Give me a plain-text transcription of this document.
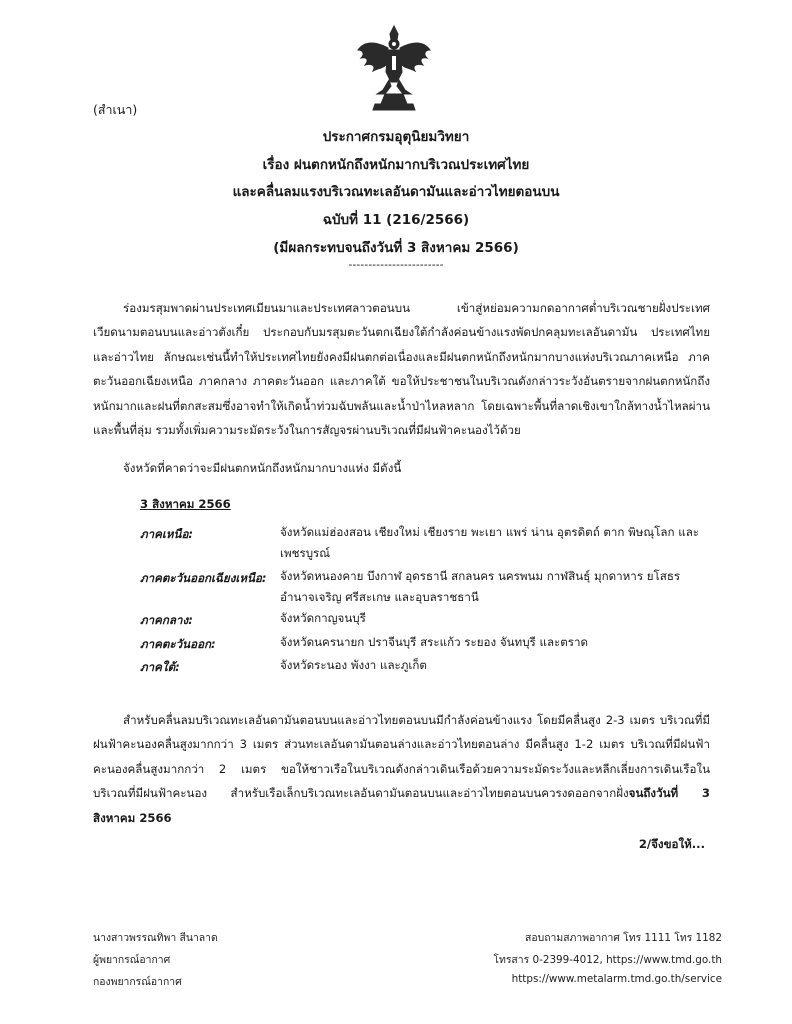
(สำเนา)
ประกาศกรมอุตุนิยมวิทยา
เรื่อง ฝนตกหนักถึงหนักมากบริเวณประเทศไทย
และคลื่นลมแรงบริเวณทะเลอันดามันและอ่าวไทยตอนบน
ฉบับที่ 11 (216/2566)
(มีผลกระทบจนถึงวันที่ 3 สิงหาคม 2566)
------------------------
ร่องมรสุมพาดผ่านประเทศเมียนมาและประเทศลาวตอนบน เข้าสู่หย่อมความกดอากาศต่ำบริเวณชายฝั่งประเทศเวียดนามตอนบนและอ่าวตังเกี๋ย ประกอบกับมรสุมตะวันตกเฉียงใต้กำลังค่อนข้างแรงพัดปกคลุมทะเลอันดามัน ประเทศไทยและอ่าวไทย ลักษณะเช่นนี้ทำให้ประเทศไทยยังคงมีฝนตกต่อเนื่องและมีฝนตกหนักถึงหนักมากบางแห่งบริเวณภาคเหนือ ภาคตะวันออกเฉียงเหนือ ภาคกลาง ภาคตะวันออก และภาคใต้ ขอให้ประชาชนในบริเวณดังกล่าวระวังอันตรายจากฝนตกหนักถึงหนักมากและฝนที่ตกสะสมซึ่งอาจทำให้เกิดน้ำท่วมฉับพลันและน้ำป่าไหลหลาก โดยเฉพาะพื้นที่ลาดเชิงเขาใกล้ทางน้ำไหลผ่านและพื้นที่ลุ่ม รวมทั้งเพิ่มความระมัดระวังในการสัญจรผ่านบริเวณที่มีฝนฟ้าคะนองไว้ด้วย
จังหวัดที่คาดว่าจะมีฝนตกหนักถึงหนักมากบางแห่ง มีดังนี้
3 สิงหาคม 2566
ภาคเหนือ:	จังหวัดแม่ฮ่องสอน เชียงใหม่ เชียงราย พะเยา แพร่ น่าน อุตรดิตถ์ ตาก พิษณุโลก และเพชรบูรณ์
ภาคตะวันออกเฉียงเหนือ: จังหวัดหนองคาย บึงกาฬ อุดรธานี สกลนคร นครพนม กาฬสินธุ์ มุกดาหาร ยโสธร อำนาจเจริญ ศรีสะเกษ และอุบลราชธานี
ภาคกลาง:	จังหวัดกาญจนบุรี
ภาคตะวันออก:	จังหวัดนครนายก ปราจีนบุรี สระแก้ว ระยอง จันทบุรี และตราด
ภาคใต้:	จังหวัดระนอง พังงา และภูเก็ต
สำหรับคลื่นลมบริเวณทะเลอันดามันตอนบนและอ่าวไทยตอนบนมีกำลังค่อนข้างแรง โดยมีคลื่นสูง 2-3 เมตร บริเวณที่มีฝนฟ้าคะนองคลื่นสูงมากกว่า 3 เมตร ส่วนทะเลอันดามันตอนล่างและอ่าวไทยตอนล่าง มีคลื่นสูง 1-2 เมตร บริเวณที่มีฝนฟ้าคะนองคลื่นสูงมากกว่า 2 เมตร ขอให้ชาวเรือในบริเวณดังกล่าวเดินเรือด้วยความระมัดระวังและหลีกเลี่ยงการเดินเรือในบริเวณที่มีฝนฟ้าคะนอง สำหรับเรือเล็กบริเวณทะเลอันดามันตอนบนและอ่าวไทยตอนบนควรงดออกจากฝั่งจนถึงวันที่ 3 สิงหาคม 2566
2/จึงขอให้...
นางสาวพรรณทิพา สีนาลาด
ผู้พยากรณ์อากาศ
กองพยากรณ์อากาศ
สอบถามสภาพอากาศ โทร 1111 โทร 1182
โทรสาร 0-2399-4012, https://www.tmd.go.th
https://www.metalarm.tmd.go.th/service
